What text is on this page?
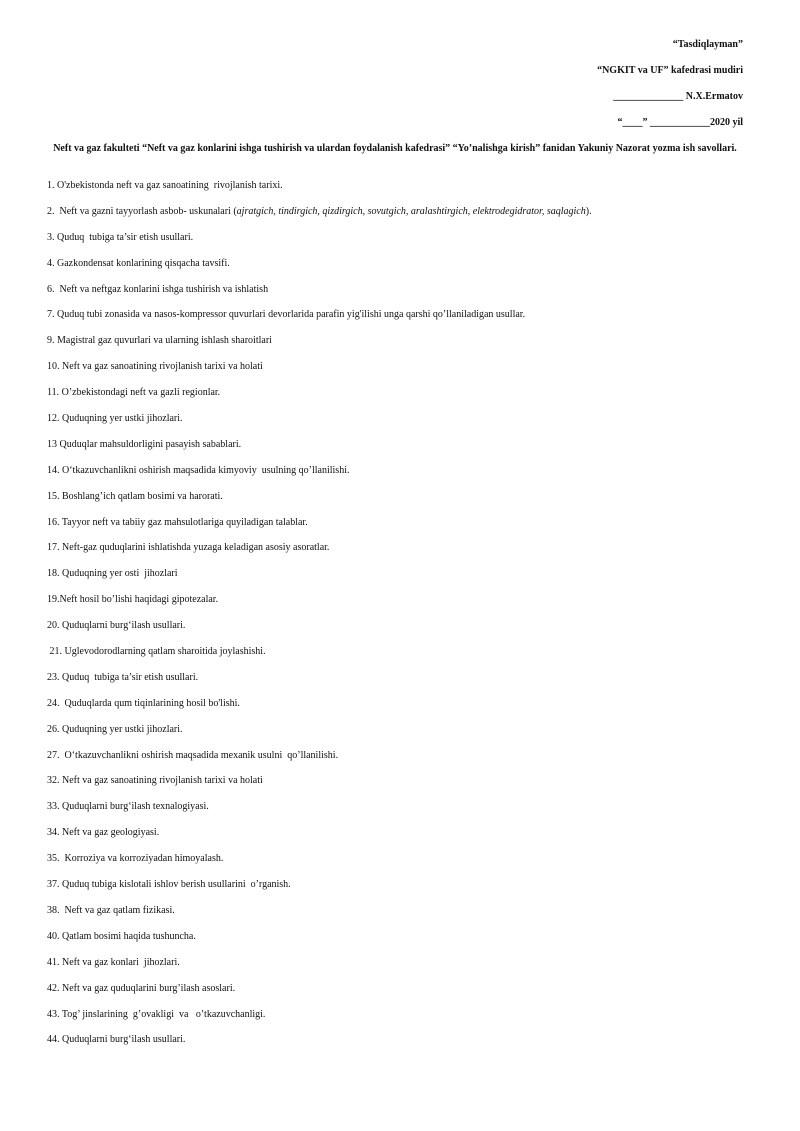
“Tasdiqlayman”
“NGKIT va UF” kafedrasi mudiri
______________ N.X.Ermatov
“____” ____________2020 yil
Neft va gaz fakulteti “Neft va gaz konlarini ishga tushirish va ulardan foydalanish kafedrasi” “Yo’nalishga kirish” fanidan Yakuniy Nazorat yozma ish savollari.
1. O'zbekistonda neft va gaz sanoatining  rivojlanish tarixi.
2.  Neft va gazni tayyorlash asbob- uskunalari (ajratgich, tindirgich, qizdirgich, sovutgich, aralashtirgich, elektrodegidrator, saqlagich).
3. Quduq  tubiga ta’sir etish usullari.
4. Gazkondensat konlarining qisqacha tavsifi.
6.  Neft va neftgaz konlarini ishga tushirish va ishlatish
7. Quduq tubi zonasida va nasos-kompressor quvurlari devorlarida parafin yig'ilishi unga qarshi qo’llaniladigan usullar.
9. Magistral gaz quvurlari va ularning ishlash sharoitlari
10. Neft va gaz sanoatining rivojlanish tarixi va holati
11. O’zbekistondagi neft va gazli regionlar.
12. Quduqning yer ustki jihozlari.
13 Quduqlar mahsuldorligini pasayish sabablari.
14. O‘tkazuvchanlikni oshirish maqsadida kimyoviy  usulning qo’llanilishi.
15. Boshlang’ich qatlam bosimi va harorati.
16. Tayyor neft va tabiiy gaz mahsulotlariga quyiladigan talablar.
17. Neft-gaz quduqlarini ishlatishda yuzaga keladigan asosiy asoratlar.
18. Quduqning yer osti  jihozlari
19.Neft hosil bo’lishi haqidagi gipotezalar.
20. Quduqlarni burg‘ilash usullari.
21. Uglevodorodlarning qatlam sharoitida joylashishi.
23. Quduq  tubiga ta’sir etish usullari.
24.  Quduqlarda qum tiqinlarining hosil bo'lishi.
26. Quduqning yer ustki jihozlari.
27.  O‘tkazuvchanlikni oshirish maqsadida mexanik usulni  qo’llanilishi.
32. Neft va gaz sanoatining rivojlanish tarixi va holati
33. Quduqlarni burg‘ilash texnalogiyasi.
34. Neft va gaz geologiyasi.
35.  Korroziya va korroziyadan himoyalash.
37. Quduq tubiga kislotali ishlov berish usullarini  o’rganish.
38.  Neft va gaz qatlam fizikasi.
40. Qatlam bosimi haqida tushuncha.
41. Neft va gaz konlari  jihozlari.
42. Neft va gaz quduqlarini burg’ilash asoslari.
43. Tog’ jinslarining  g’ovakligi  va   o’tkazuvchanligi.
44. Quduqlarni burg‘ilash usullari.
